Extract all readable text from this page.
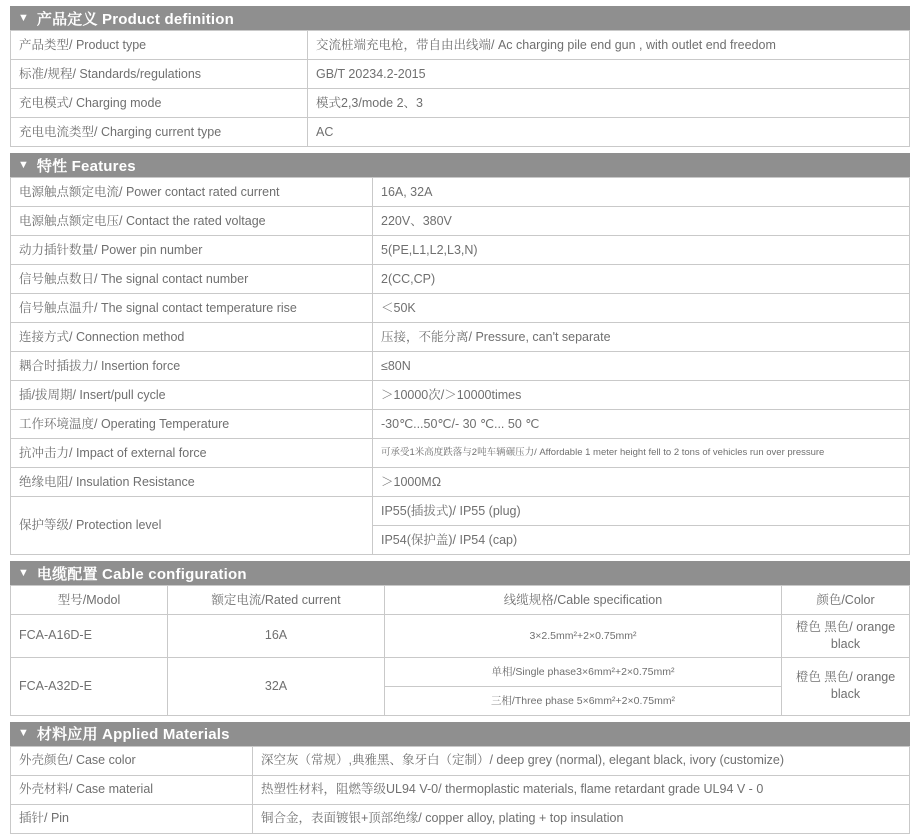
▼ 产品定义 Product definition
产品类型/ Product type	交流桩端充电枪，带自由出线端/ Ac charging pile end gun , with outlet end freedom
标准/规程/ Standards/regulations	GB/T 20234.2-2015
充电模式/ Charging mode	模式2,3/mode 2、3
充电电流类型/ Charging current type	AC
▼ 特性 Features
电源触点额定电流/ Power contact rated current	16A, 32A
电源触点额定电压/ Contact the rated voltage	220V、380V
动力插针数量/ Power pin number	5(PE,L1,L2,L3,N)
信号触点数日/ The signal contact number	2(CC,CP)
信号触点温升/ The signal contact temperature rise	＜50K
连接方式/ Connection method	压接，不能分离/ Pressure, can't separate
耦合时插拔力/ Insertion force	≤80N
插/拔周期/ Insert/pull cycle	＞10000次/＞10000times
工作环境温度/ Operating Temperature	-30℃...50℃/- 30 ℃... 50 ℃
抗冲击力/ Impact of external force	可承受1米高度跌落与2吨车辆碾压力/ Affordable 1 meter height fell to 2 tons of vehicles run over pressure
绝缘电阻/ Insulation Resistance	＞1000MΩ
保护等级/ Protection level	IP55(插拔式)/ IP55 (plug)
	IP54(保护盖)/ IP54 (cap)
▼ 电缆配置 Cable configuration
型号/Modol	额定电流/Rated current	线缆规格/Cable specification	颜色/Color
FCA-A16D-E	16A	3×2.5mm²+2×0.75mm²	橙色 黑色/ orange black
FCA-A32D-E	32A	单相/Single phase3×6mm²+2×0.75mm²	橙色 黑色/ orange black
		三相/Three phase 5×6mm²+2×0.75mm²	
▼ 材料应用 Applied Materials
外壳颜色/ Case color	深空灰（常规）,典雅黑、象牙白（定制）/ deep grey (normal), elegant black, ivory (customize)
外壳材料/ Case material	热塑性材料，阻燃等级UL94 V-0/ thermoplastic materials, flame retardant grade UL94 V - 0
插针/ Pin	铜合金，表面镀银+顶部绝缘/ copper alloy, plating + top insulation
